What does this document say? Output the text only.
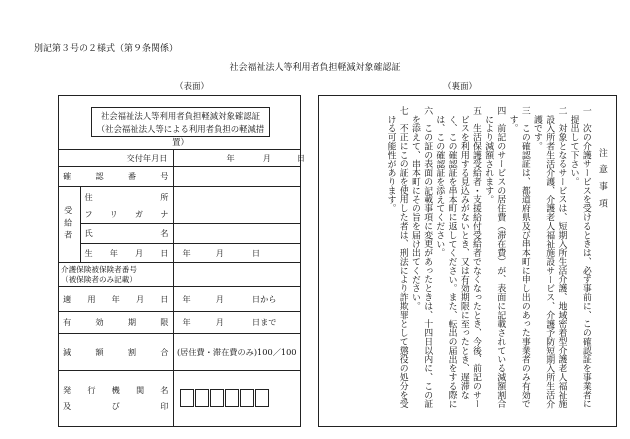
別記第３号の２様式（第９条関係）
社会福祉法人等利用者負担軽減対象確認証
（表面）	（裏面）
社会福祉法人等利用者負担軽減対象確認証
（社会福祉法人等による利用者負担の軽減措置）
交付年月日		年 月 日
確認番号		
受給者	住所
フリガナ	

	氏名	
	生年月日	年 月 日

介護保険被保険者番号
（被保険者のみ記載）		

適用年月日		年 月 日から
有効期限		年 月 日まで
減額割合		(居住費・滞在費のみ)100／100

発行機関名
及び印		

注意事項

一　次の介護サービスを受けるときは、必ず事前に、この確認証を事業者に提出して下さい。

二　対象となるサービスは、短期入所生活介護、地域密着型介護老人福祉施設入所者生活介護、介護老人福祉施設サービス、介護予防短期入所生活介護です。

三　この確認証は、都道府県及び串本町に申し出のあった事業者のみ有効です。

四　前記のサービスの居住費（滞在費）が、表面に記載されている減額割合により減額されます。

五　生活保護受給者・支援給付受給者でなくなったとき、今後、前記のサービスを利用する見込みがないとき、又は有効期限に至ったとき、遅滞なく、この確認証を串本町に返してください。また、転出の届出をする際には、この確認証を添えてください。

六　この証の表面の記載事項に変更があったときは、十四日以内に、この証を添えて、串本町にその旨を届け出てください。

七　不正にこの証を使用した者は、刑法により詐欺罪として懲役の処分を受ける可能性があります。
